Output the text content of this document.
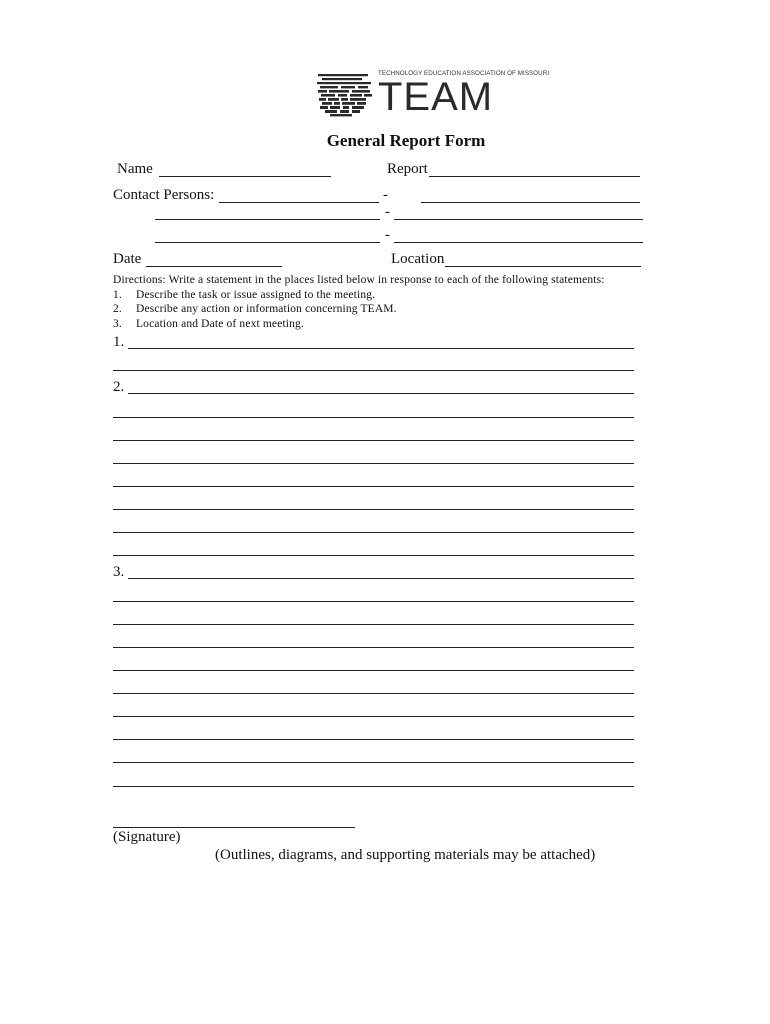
TECHNOLOGY EDUCATION ASSOCIATION OF MISSOURI
TEAM
General Report Form
Name	Report
Contact Persons:	-
-
-
Date	Location
Directions: Write a statement in the places listed below in response to each of the following statements:
1. Describe the task or issue assigned to the meeting.
2. Describe any action or information concerning TEAM.
3. Location and Date of next meeting.
1.
2.
3.
(Signature)
(Outlines, diagrams, and supporting materials may be attached)
